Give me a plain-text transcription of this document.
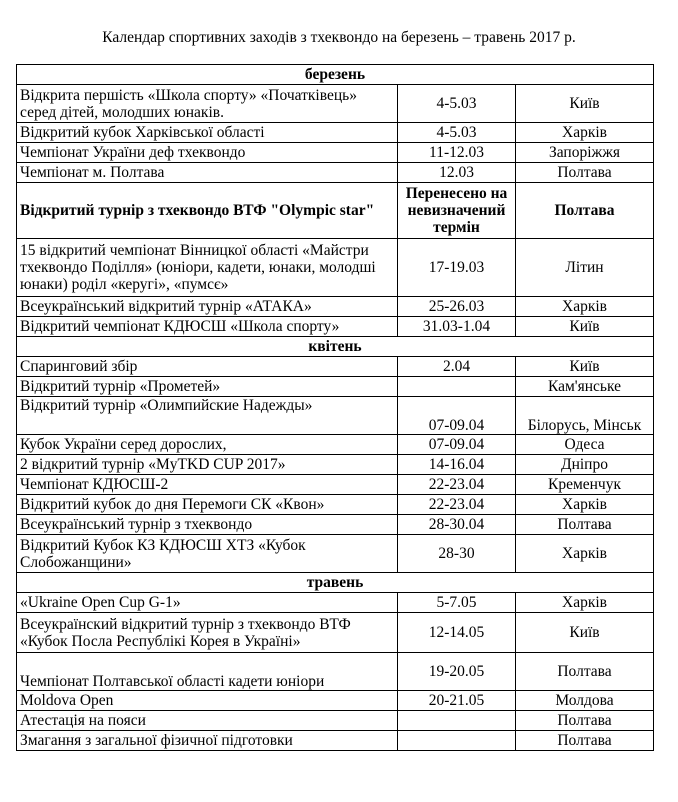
Календар спортивних заходів з тхеквондо на березень – травень 2017 р.
березень		
Відкрита першість «Школа спорту» «Початківець» серед дітей, молодших юнаків.	4-5.03	Київ
Відкритий кубок Харківської області	4-5.03	Харків
Чемпіонат України деф тхеквондо	11-12.03	Запоріжжя
Чемпіонат м. Полтава	12.03	Полтава
Відкритий турнір з тхеквондо ВТФ "Olympic star"	Перенесено на невизначений термін	Полтава
15 відкритий чемпіонат Вінницкої області «Майстри тхеквондо Поділля» (юніори, кадети, юнаки, молодші юнаки) роділ «керугі», «пумсє»	17-19.03	Лiтин
Всеукраїнський відкритий турнір «АТАКА»	25-26.03	Харків
Відкритий чемпіонат КДЮСШ «Школа спорту»	31.03-1.04	Київ
квітень		
Спаринговий збір	2.04	Київ
Відкритий турнір «Прометей»		Кам'янське
Відкритий турнір «Олимпийские Надежды»	07-09.04	Білорусь, Мінськ
Кубок України серед дорослих,	07-09.04	Одеса
2 відкритий турнір «MyTKD CUP 2017»	14-16.04	Дніпро
Чемпіонат КДЮСШ-2	22-23.04	Кременчук
Відкритий кубок до дня Перемоги СК «Квон»	22-23.04	Харків
Всеукраїнський турнір з тхеквондо	28-30.04	Полтава
Відкритий Кубок КЗ КДЮСШ ХТЗ «Кубок Слобожанщини»	28-30	Харків
травень		
«Ukraine Open Cup G-1»	5-7.05	Харків
Всеукраїнский відкритий турнір з тхеквондо ВТФ «Кубок Посла Республікі Корея в Україні»	12-14.05	Київ
Чемпіонат Полтавської області кадети юніори	19-20.05	Полтава
Moldova Open	20-21.05	Молдова
Атестація на пояси		Полтава
Змагання з загальної фізичної підготовки		Полтава
